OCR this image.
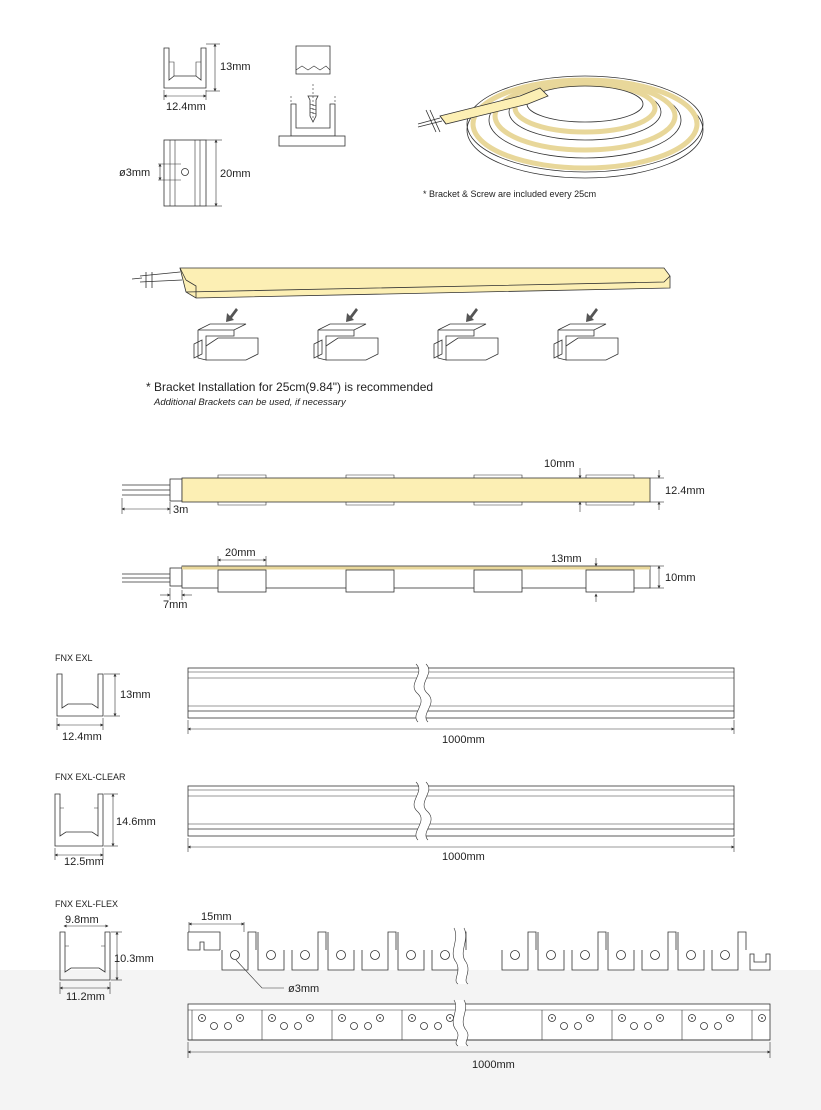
13mm
12.4mm
ø3mm	20mm
* Bracket & Screw are included every 25cm
* Bracket Installation for 25cm(9.84") is recommended
Additional Brackets can be used, if necessary
10mm
12.4mm
3m
20mm	13mm
10mm
7mm
FNX EXL
13mm
12.4mm	1000mm
FNX EXL-CLEAR
14.6mm
12.5mm	1000mm
FNX EXL-FLEX
9.8mm
10.3mm
11.2mm
15mm
ø3mm
1000mm
